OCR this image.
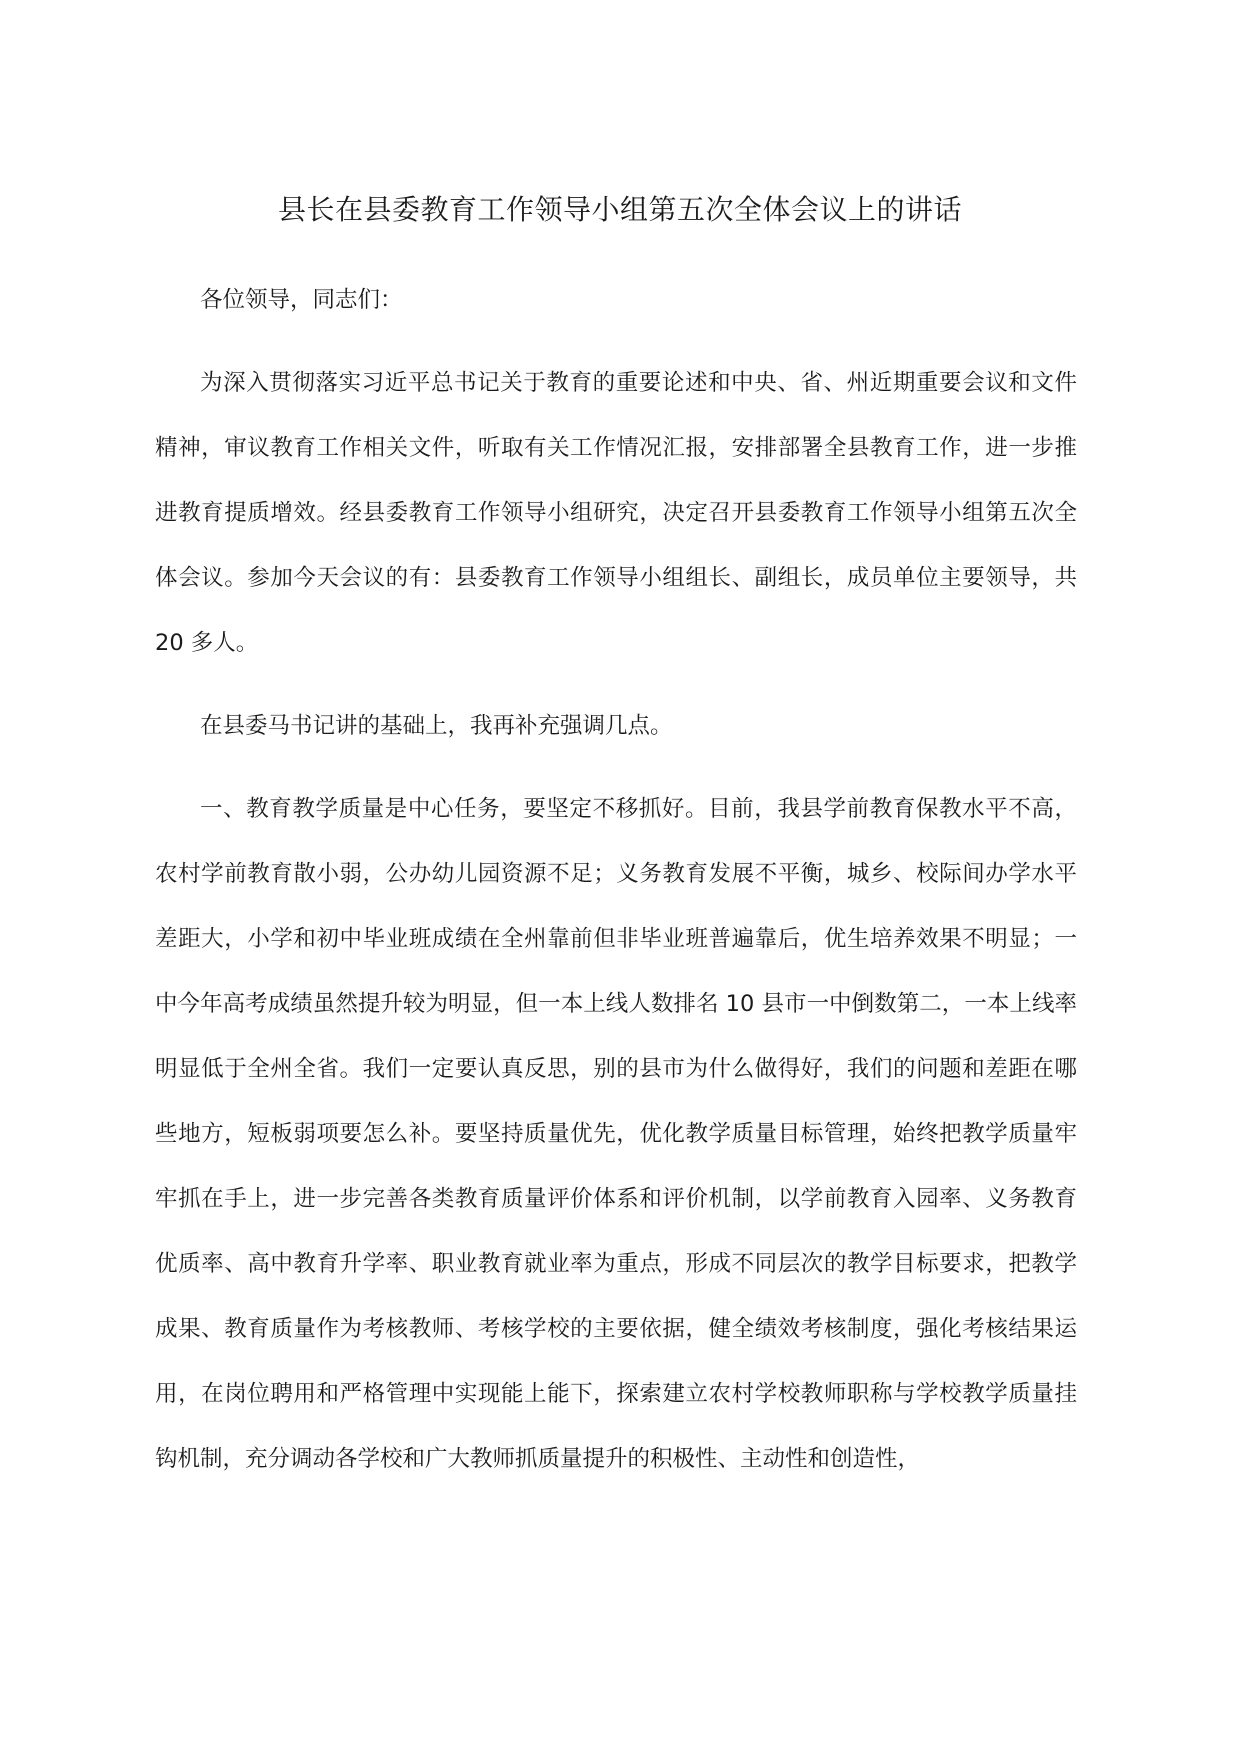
县长在县委教育工作领导小组第五次全体会议上的讲话

各位领导，同志们：

为深入贯彻落实习近平总书记关于教育的重要论述和中央、省、州近期重要会议和文件精神，审议教育工作相关文件，听取有关工作情况汇报，安排部署全县教育工作，进一步推进教育提质增效。经县委教育工作领导小组研究，决定召开县委教育工作领导小组第五次全体会议。参加今天会议的有：县委教育工作领导小组组长、副组长，成员单位主要领导，共 20 多人。

在县委马书记讲的基础上，我再补充强调几点。

一、教育教学质量是中心任务，要坚定不移抓好。目前，我县学前教育保教水平不高，农村学前教育散小弱，公办幼儿园资源不足；义务教育发展不平衡，城乡、校际间办学水平差距大，小学和初中毕业班成绩在全州靠前但非毕业班普遍靠后，优生培养效果不明显；一中今年高考成绩虽然提升较为明显，但一本上线人数排名 10 县市一中倒数第二，一本上线率明显低于全州全省。我们一定要认真反思，别的县市为什么做得好，我们的问题和差距在哪些地方，短板弱项要怎么补。要坚持质量优先，优化教学质量目标管理，始终把教学质量牢牢抓在手上，进一步完善各类教育质量评价体系和评价机制，以学前教育入园率、义务教育优质率、高中教育升学率、职业教育就业率为重点，形成不同层次的教学目标要求，把教学成果、教育质量作为考核教师、考核学校的主要依据，健全绩效考核制度，强化考核结果运用，在岗位聘用和严格管理中实现能上能下，探索建立农村学校教师职称与学校教学质量挂钩机制，充分调动各学校和广大教师抓质量提升的积极性、主动性和创造性，
